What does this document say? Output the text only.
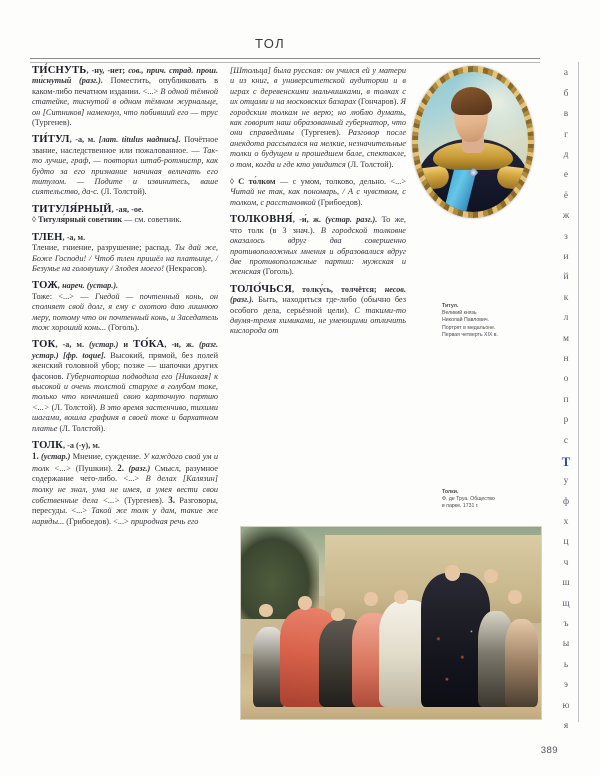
ТОЛ
ТИ́СНУТЬ, -ну, -нет; сов., прич. страд. прош. ти́снутый (разг.). Поместить, опубликовать в каком-либо печатном издании. <...> В одной тёмной статейке, тиснутой в одном тёмном журнальце, он [Ситников] намекнул, что побивший его — трус (Тургенев).
ТИ́ТУЛ, -а, м. [лат. titulus надпись]. Почётное звание, наследственное или пожалованное. — Так-то лучше, граф, — повторил штаб-ротмистр, как будто за его признание начиная величать его титулом. — Подите и извинитесь, ваше сиятельство, да-с. (Л. Толстой).
ТИТУЛЯ́РНЫЙ, -ая, -ое.
◊ Титуля́рный сове́тник — см. советник.
ТЛЕН, -а, м.
Тление, гниение, разрушение; распад. Ты дай же, Боже Господи! / Чтоб тлен пришёл на платьице, / Безумье на головушку / Злодея моего! (Некрасов).
ТОЖ, нареч. (устар.).
Тоже: <...> — Гнедой — почтенный конь, он сполняет свой долг, я ему с охотою даю лишнюю меру, потому что он почтенный конь, и Заседатель тож хороший конь... (Гоголь).
ТОК, -а, м. (устар.) и ТО́КА, -и, ж. (разг. устар.) [фр. toque]. Высокий, прямой, без полей женский головной убор; позже — шапочки других фасонов. Губернаторша подводила его [Николая] к высокой и очень толстой старухе в голубом токе, только что кончившей свою карточную партию <...> (Л. Толстой). В это время застенчиво, тихими шагами, вошла графиня в своей токе и бархатном платье (Л. Толстой).
ТОЛК, -а (-у), м.
1. (устар.) Мнение, суждение. У каждого свой ум и толк <...> (Пушкин). 2. (разг.) Смысл, разумное содержание чего-либо. <...> В делах [Калязин] толку не знал, ума не имея, а умея вести свои собственные дела <...> (Тургенев). 3. Разговоры, пересуды. <...> Такой же толк у дам, такие же наряды... (Грибоедов). <...> природная речь его
[Штольца] была русская: он учился ей у матери и из книг, в университетской аудитории и в играх с деревенскими мальчишками, в толках с их отцами и на московских базарах (Гончаров). Я городским толкам не верю; но люблю думать, как говорит наш образованный губернатор, что они справедливы (Тургенев). Разговор после анекдота рассыпался на мелкие, незначительные толки о будущем и прошедшем бале, спектакле, о том, когда и где кто увидится (Л. Толстой).
◊ С то́лком — с умом, толково, дельно. <...> Читай не так, как пономарь, / А с чувством, с толком, с расстановкой (Грибоедов).
ТОЛКОВНЯ́, -и́, ж. (устар. разг.). То же, что толк (в 3 знач.). В городской толковне оказалось вдруг два совершенно противоположных мнения и образовалися вдруг две противоположные партии: мужская и женская (Гоголь).
ТОЛО́ЧЬСЯ, толку́сь, толчётся; несов. (разг.). Быть, находиться где-либо (обычно без особого дела, серьёзной цели). С такими-то двумя-тремя химиками, не умеющими отличить кислорода от
Титул.
Великий князь
Николай Павлович.
Портрет в медальоне.
Первая четверть XIX в.
Толки.
Ф. де Труа. Общество
в парке. 1731 г.
а
б
в
г
д
е
ё
ж
з
и
й
к
л
м
н
о
п
р
с
Т
у
ф
х
ц
ч
ш
щ
ъ
ы
ь
э
ю
я
389
